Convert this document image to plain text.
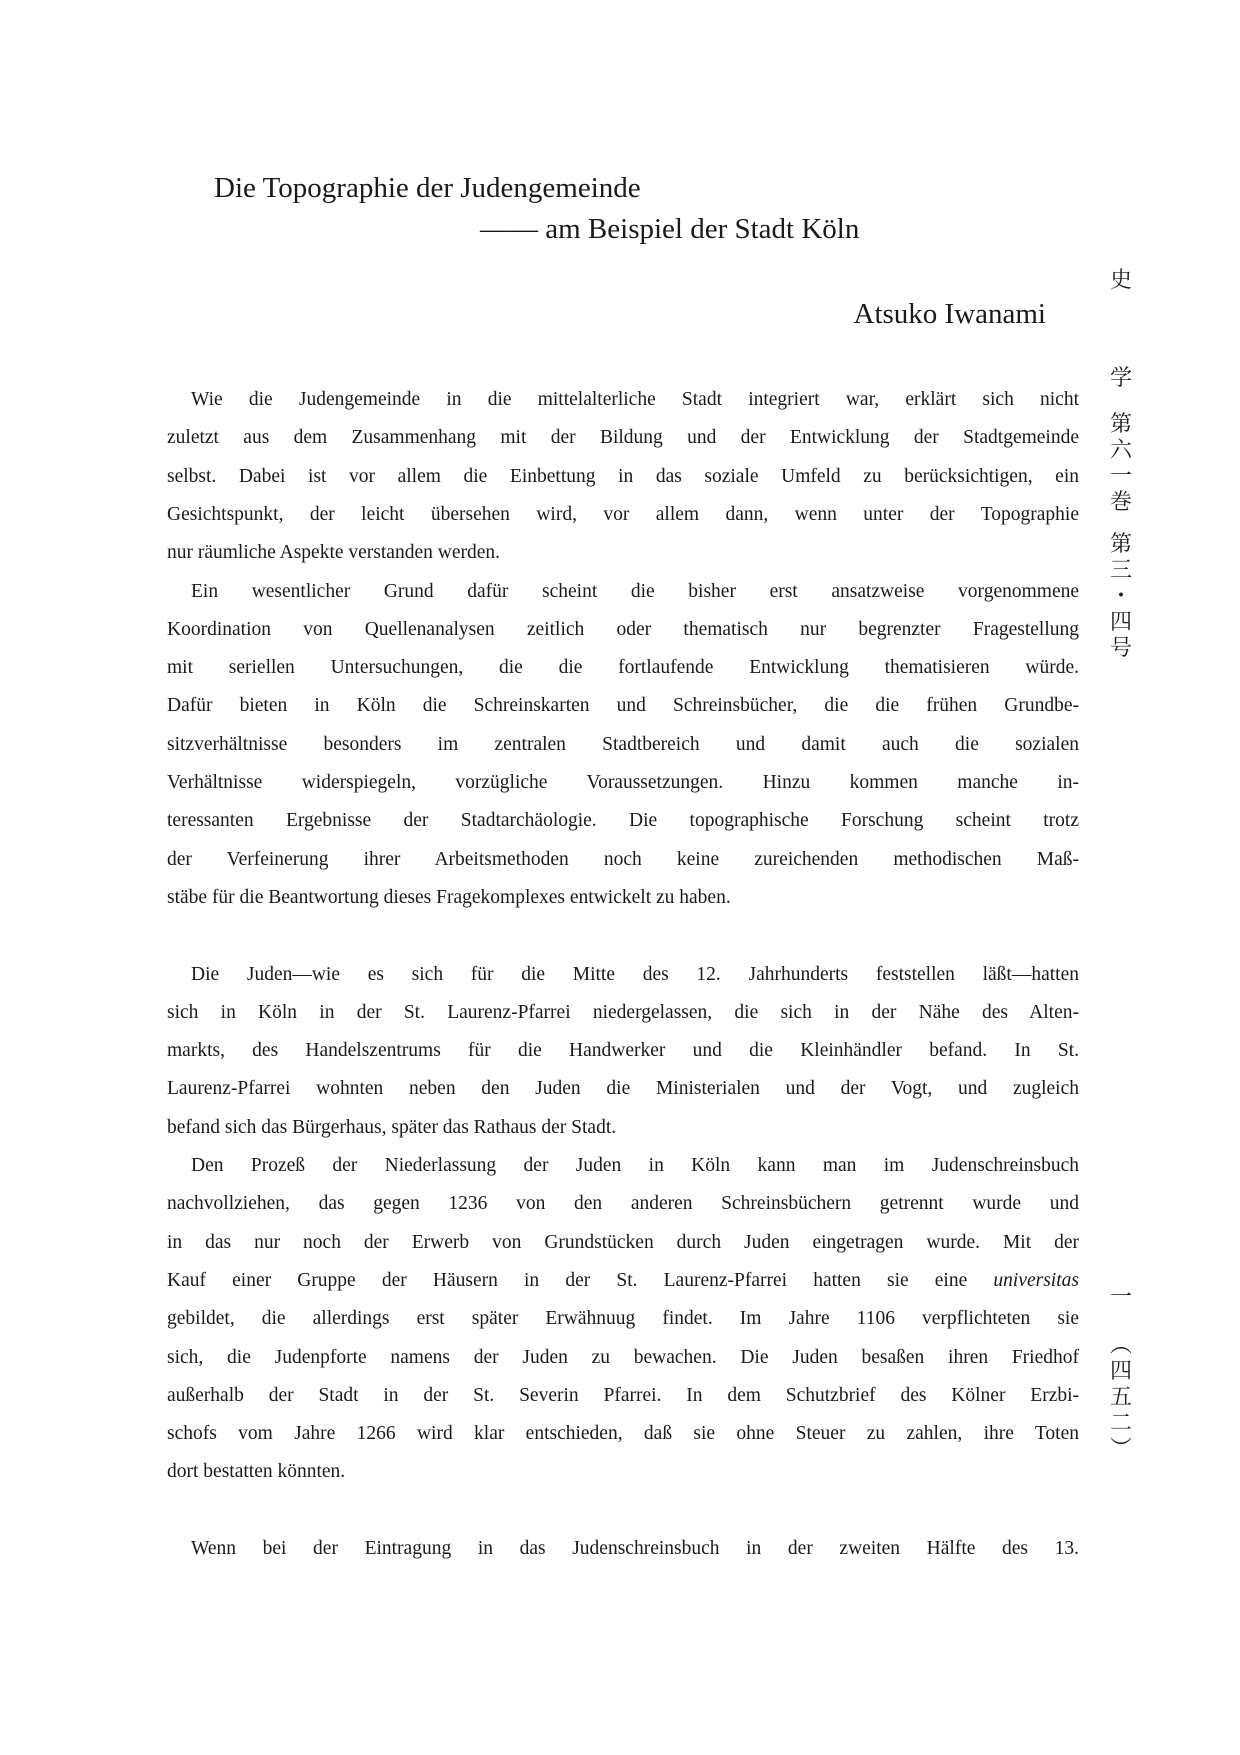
Die Topographie der Judengemeinde
—— am Beispiel der Stadt Köln
Atsuko Iwanami
Wie die Judengemeinde in die mittelalterliche Stadt integriert war, erklärt sich nicht
zuletzt aus dem Zusammenhang mit der Bildung und der Entwicklung der Stadtgemeinde
selbst. Dabei ist vor allem die Einbettung in das soziale Umfeld zu berücksichtigen, ein
Gesichtspunkt, der leicht übersehen wird, vor allem dann, wenn unter der Topographie
nur räumliche Aspekte verstanden werden.
Ein wesentlicher Grund dafür scheint die bisher erst ansatzweise vorgenommene
Koordination von Quellenanalysen zeitlich oder thematisch nur begrenzter Fragestellung
mit seriellen Untersuchungen, die die fortlaufende Entwicklung thematisieren würde.
Dafür bieten in Köln die Schreinskarten und Schreinsbücher, die die frühen Grundbe-
sitzverhältnisse besonders im zentralen Stadtbereich und damit auch die sozialen
Verhältnisse widerspiegeln, vorzügliche Voraussetzungen. Hinzu kommen manche in-
teressanten Ergebnisse der Stadtarchäologie. Die topographische Forschung scheint trotz
der Verfeinerung ihrer Arbeitsmethoden noch keine zureichenden methodischen Maß-
stäbe für die Beantwortung dieses Fragekomplexes entwickelt zu haben.
Die Juden—wie es sich für die Mitte des 12. Jahrhunderts feststellen läßt—hatten
sich in Köln in der St. Laurenz-Pfarrei niedergelassen, die sich in der Nähe des Alten-
markts, des Handelszentrums für die Handwerker und die Kleinhändler befand. In St.
Laurenz-Pfarrei wohnten neben den Juden die Ministerialen und der Vogt, und zugleich
befand sich das Bürgerhaus, später das Rathaus der Stadt.
Den Prozeß der Niederlassung der Juden in Köln kann man im Judenschreinsbuch
nachvollziehen, das gegen 1236 von den anderen Schreinsbüchern getrennt wurde und
in das nur noch der Erwerb von Grundstücken durch Juden eingetragen wurde. Mit der
Kauf einer Gruppe der Häusern in der St. Laurenz-Pfarrei hatten sie eine universitas
gebildet, die allerdings erst später Erwähnuug findet. Im Jahre 1106 verpflichteten sie
sich, die Judenpforte namens der Juden zu bewachen. Die Juden besaßen ihren Friedhof
außerhalb der Stadt in der St. Severin Pfarrei. In dem Schutzbrief des Kölner Erzbi-
schofs vom Jahre 1266 wird klar entschieden, daß sie ohne Steuer zu zahlen, ihre Toten
dort bestatten könnten.
Wenn bei der Eintragung in das Judenschreinsbuch in der zweiten Hälfte des 13.
史
学
第
六
一
巻
第
三
・
四
号
一
︵
四
五
二
︶
